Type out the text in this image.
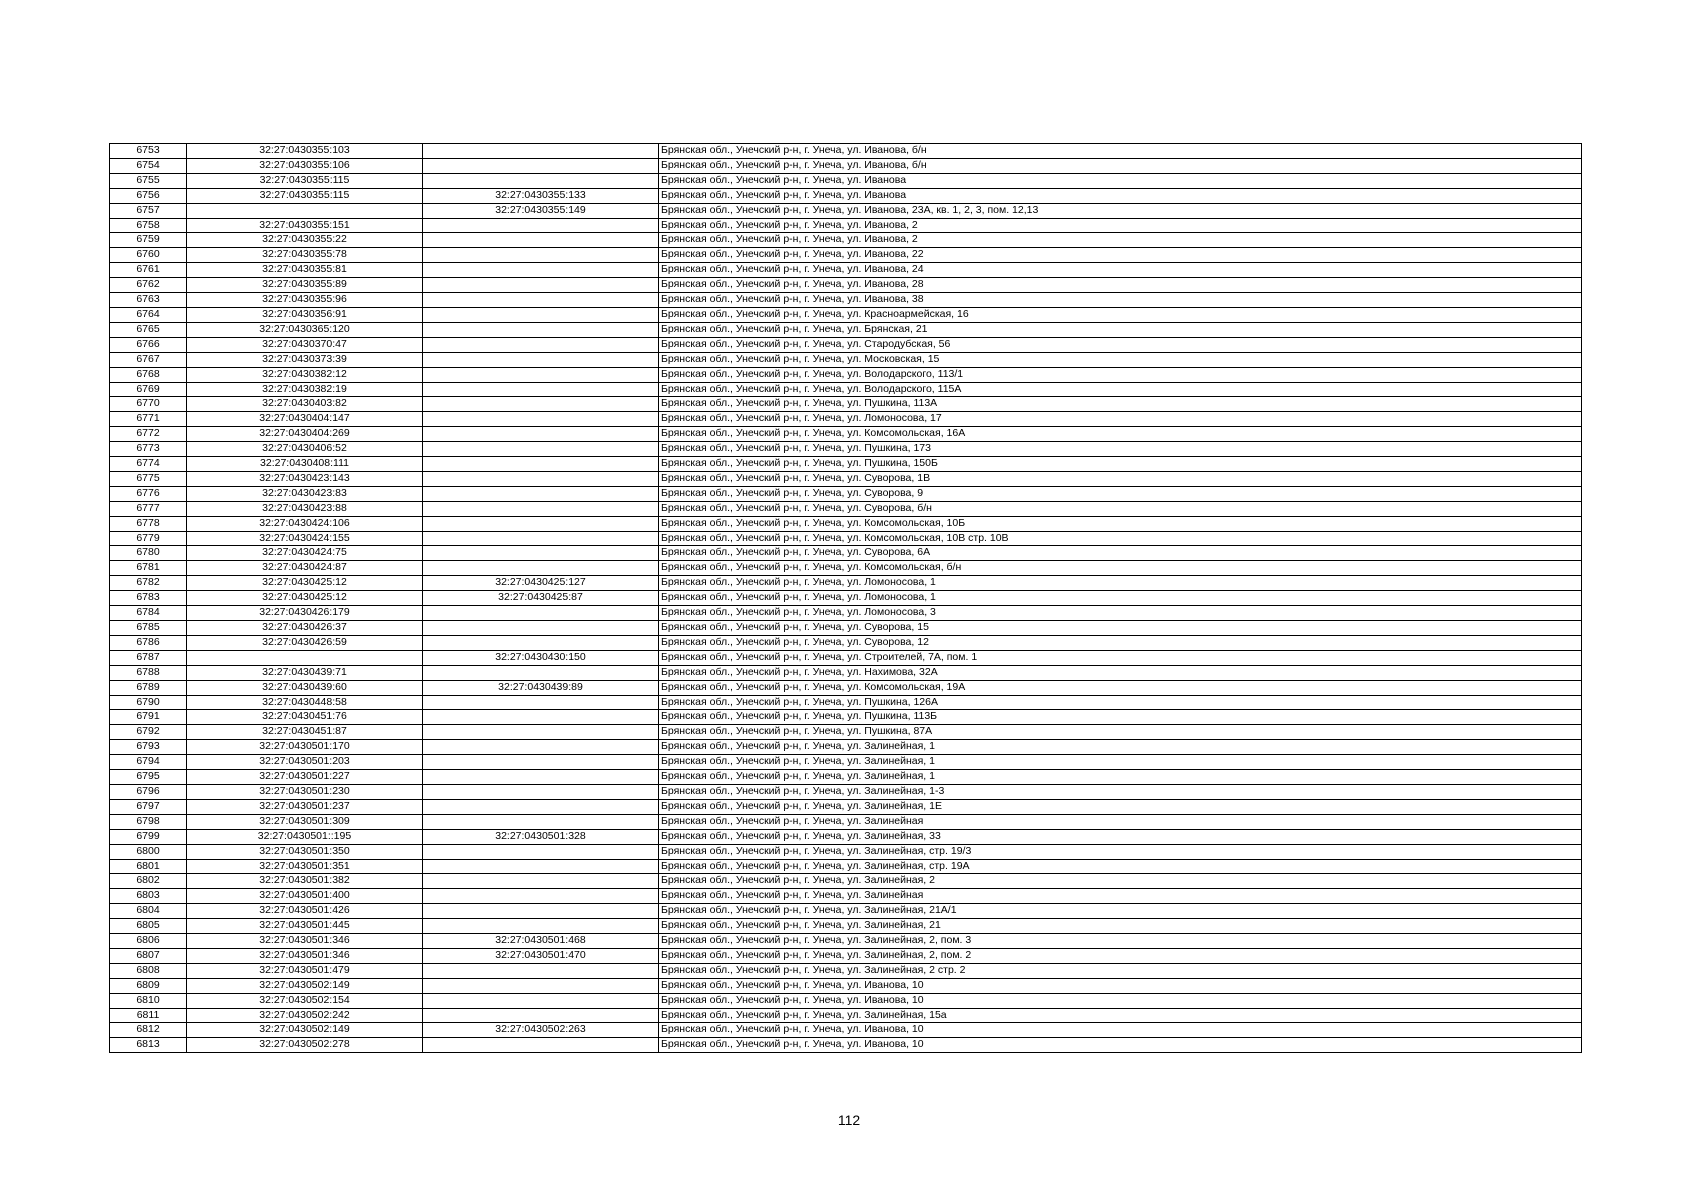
6753	32:27:0430355:103		Брянская обл., Унечский р-н, г. Унеча, ул. Иванова, б/н
6754	32:27:0430355:106		Брянская обл., Унечский р-н, г. Унеча, ул. Иванова, б/н
6755	32:27:0430355:115		Брянская обл., Унечский р-н, г. Унеча, ул. Иванова
6756	32:27:0430355:115	32:27:0430355:133	Брянская обл., Унечский р-н, г. Унеча, ул. Иванова
6757		32:27:0430355:149	Брянская обл., Унечский р-н, г. Унеча, ул. Иванова, 23А, кв. 1, 2, 3, пом. 12,13
6758	32:27:0430355:151		Брянская обл., Унечский р-н, г. Унеча, ул. Иванова, 2
6759	32:27:0430355:22		Брянская обл., Унечский р-н, г. Унеча, ул. Иванова, 2
6760	32:27:0430355:78		Брянская обл., Унечский р-н, г. Унеча, ул. Иванова, 22
6761	32:27:0430355:81		Брянская обл., Унечский р-н, г. Унеча, ул. Иванова, 24
6762	32:27:0430355:89		Брянская обл., Унечский р-н, г. Унеча, ул. Иванова, 28
6763	32:27:0430355:96		Брянская обл., Унечский р-н, г. Унеча, ул. Иванова, 38
6764	32:27:0430356:91		Брянская обл., Унечский р-н, г. Унеча, ул. Красноармейская, 16
6765	32:27:0430365:120		Брянская обл., Унечский р-н, г. Унеча, ул. Брянская, 21
6766	32:27:0430370:47		Брянская обл., Унечский р-н, г. Унеча, ул. Стародубская, 56
6767	32:27:0430373:39		Брянская обл., Унечский р-н, г. Унеча, ул. Московская, 15
6768	32:27:0430382:12		Брянская обл., Унечский р-н, г. Унеча, ул. Володарского, 113/1
6769	32:27:0430382:19		Брянская обл., Унечский р-н, г. Унеча, ул. Володарского, 115А
6770	32:27:0430403:82		Брянская обл., Унечский р-н, г. Унеча, ул. Пушкина, 113А
6771	32:27:0430404:147		Брянская обл., Унечский р-н, г. Унеча, ул. Ломоносова, 17
6772	32:27:0430404:269		Брянская обл., Унечский р-н, г. Унеча, ул. Комсомольская, 16А
6773	32:27:0430406:52		Брянская обл., Унечский р-н, г. Унеча, ул. Пушкина, 173
6774	32:27:0430408:111		Брянская обл., Унечский р-н, г. Унеча, ул. Пушкина, 150Б
6775	32:27:0430423:143		Брянская обл., Унечский р-н, г. Унеча, ул. Суворова, 1В
6776	32:27:0430423:83		Брянская обл., Унечский р-н, г. Унеча, ул. Суворова, 9
6777	32:27:0430423:88		Брянская обл., Унечский р-н, г. Унеча, ул. Суворова, б/н
6778	32:27:0430424:106		Брянская обл., Унечский р-н, г. Унеча, ул. Комсомольская, 10Б
6779	32:27:0430424:155		Брянская обл., Унечский р-н, г. Унеча, ул. Комсомольская, 10В стр. 10В
6780	32:27:0430424:75		Брянская обл., Унечский р-н, г. Унеча, ул. Суворова, 6А
6781	32:27:0430424:87		Брянская обл., Унечский р-н, г. Унеча, ул. Комсомольская, б/н
6782	32:27:0430425:12	32:27:0430425:127	Брянская обл., Унечский р-н, г. Унеча, ул. Ломоносова, 1
6783	32:27:0430425:12	32:27:0430425:87	Брянская обл., Унечский р-н, г. Унеча, ул. Ломоносова, 1
6784	32:27:0430426:179		Брянская обл., Унечский р-н, г. Унеча, ул. Ломоносова, 3
6785	32:27:0430426:37		Брянская обл., Унечский р-н, г. Унеча, ул. Суворова, 15
6786	32:27:0430426:59		Брянская обл., Унечский р-н, г. Унеча, ул. Суворова, 12
6787		32:27:0430430:150	Брянская обл., Унечский р-н, г. Унеча, ул. Строителей, 7А, пом. 1
6788	32:27:0430439:71		Брянская обл., Унечский р-н, г. Унеча, ул. Нахимова, 32А
6789	32:27:0430439:60	32:27:0430439:89	Брянская обл., Унечский р-н, г. Унеча, ул. Комсомольская, 19А
6790	32:27:0430448:58		Брянская обл., Унечский р-н, г. Унеча, ул. Пушкина, 126А
6791	32:27:0430451:76		Брянская обл., Унечский р-н, г. Унеча, ул. Пушкина, 113Б
6792	32:27:0430451:87		Брянская обл., Унечский р-н, г. Унеча, ул. Пушкина, 87А
6793	32:27:0430501:170		Брянская обл., Унечский р-н, г. Унеча, ул. Залинейная, 1
6794	32:27:0430501:203		Брянская обл., Унечский р-н, г. Унеча, ул. Залинейная, 1
6795	32:27:0430501:227		Брянская обл., Унечский р-н, г. Унеча, ул. Залинейная, 1
6796	32:27:0430501:230		Брянская обл., Унечский р-н, г. Унеча, ул. Залинейная, 1-3
6797	32:27:0430501:237		Брянская обл., Унечский р-н, г. Унеча, ул. Залинейная, 1Е
6798	32:27:0430501:309		Брянская обл., Унечский р-н, г. Унеча, ул. Залинейная
6799	32:27:0430501::195	32:27:0430501:328	Брянская обл., Унечский р-н, г. Унеча, ул. Залинейная, 33
6800	32:27:0430501:350		Брянская обл., Унечский р-н, г. Унеча, ул. Залинейная, стр. 19/3
6801	32:27:0430501:351		Брянская обл., Унечский р-н, г. Унеча, ул. Залинейная, стр. 19А
6802	32:27:0430501:382		Брянская обл., Унечский р-н, г. Унеча, ул. Залинейная, 2
6803	32:27:0430501:400		Брянская обл., Унечский р-н, г. Унеча, ул. Залинейная
6804	32:27:0430501:426		Брянская обл., Унечский р-н, г. Унеча, ул. Залинейная, 21А/1
6805	32:27:0430501:445		Брянская обл., Унечский р-н, г. Унеча, ул. Залинейная, 21
6806	32:27:0430501:346	32:27:0430501:468	Брянская обл., Унечский р-н, г. Унеча, ул. Залинейная, 2, пом. 3
6807	32:27:0430501:346	32:27:0430501:470	Брянская обл., Унечский р-н, г. Унеча, ул. Залинейная, 2, пом. 2
6808	32:27:0430501:479		Брянская обл., Унечский р-н, г. Унеча, ул. Залинейная, 2 стр. 2
6809	32:27:0430502:149		Брянская обл., Унечский р-н, г. Унеча, ул. Иванова, 10
6810	32:27:0430502:154		Брянская обл., Унечский р-н, г. Унеча, ул. Иванова, 10
6811	32:27:0430502:242		Брянская обл., Унечский р-н, г. Унеча, ул. Залинейная, 15а
6812	32:27:0430502:149	32:27:0430502:263	Брянская обл., Унечский р-н, г. Унеча, ул. Иванова, 10
6813	32:27:0430502:278		Брянская обл., Унечский р-н, г. Унеча, ул. Иванова, 10
112
